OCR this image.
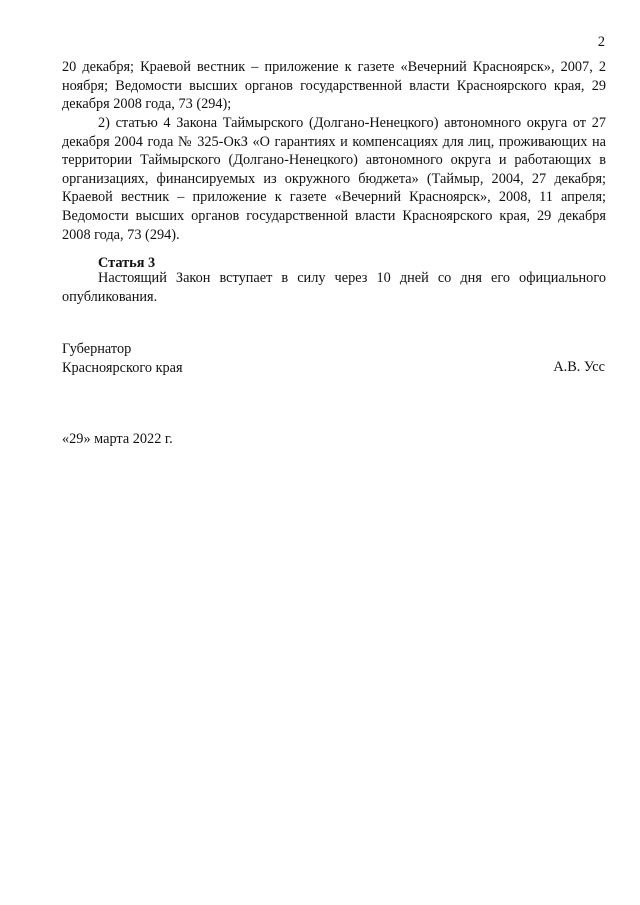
2

20 декабря; Краевой вестник – приложение к газете «Вечерний Красноярск», 2007, 2 ноября; Ведомости высших органов государственной власти Красноярского края, 29 декабря 2008 года, 73 (294);

2) статью 4 Закона Таймырского (Долгано-Ненецкого) автономного округа от 27 декабря 2004 года № 325-ОкЗ «О гарантиях и компенсациях для лиц, проживающих на территории Таймырского (Долгано-Ненецкого) автономного округа и работающих в организациях, финансируемых из окружного бюджета» (Таймыр, 2004, 27 декабря; Краевой вестник – приложение к газете «Вечерний Красноярск», 2008, 11 апреля; Ведомости высших органов государственной власти Красноярского края, 29 декабря 2008 года, 73 (294).

Статья 3

Настоящий Закон вступает в силу через 10 дней со дня его официального опубликования.

Губернатор
Красноярского края	А.В. Усс
«29» марта 2022 г.
